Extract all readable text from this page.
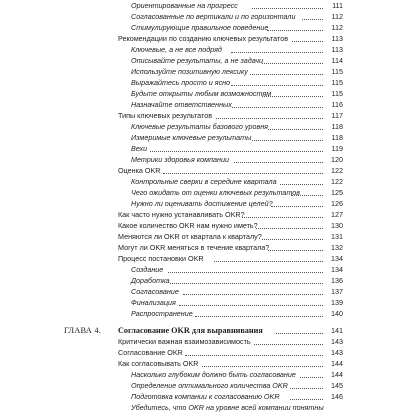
Ориентированные на прогресс	111
Согласованные по вертикали и по горизонтали	112
Стимулирующие правильное поведение	112
Рекомендации по созданию ключевых результатов	113
Ключевые, а не все подряд	113
Описывайте результаты, а не задачи	114
Используйте позитивную лексику	115
Выражайтесь просто и ясно	115
Будьте открыты любым возможностям	115
Назначайте ответственных	116
Типы ключевых результатов	117
Ключевые результаты базового уровня	118
Измеримые ключевые результаты	118
Вехи	119
Метрики здоровья компании	120
Оценка OKR	122
Контрольные сверки в середине квартала	122
Чего ожидать от оценки ключевых результатов	125
Нужно ли оценивать достижение целей?	126
Как часто нужно устанавливать OKR?	127
Какое количество OKR нам нужно иметь?	130
Меняются ли OKR от квартала к кварталу?	131
Могут ли OKR меняться в течение квартала?	132
Процесс постановки OKR	134
Создание	134
Доработка	136
Согласование	137
Финализация	139
Распространение	140
ГЛАВА 4. Согласование OKR для выравнивания	141
Критически важная взаимозависимость	143
Согласование OKR	143
Как согласовывать OKR	144
Насколько глубоким должно быть согласование	144
Определение оптимального количества OKR	145
Подготовка компании к согласованию OKR	146
Убедитесь, что OKR на уровне всей компании понятны
